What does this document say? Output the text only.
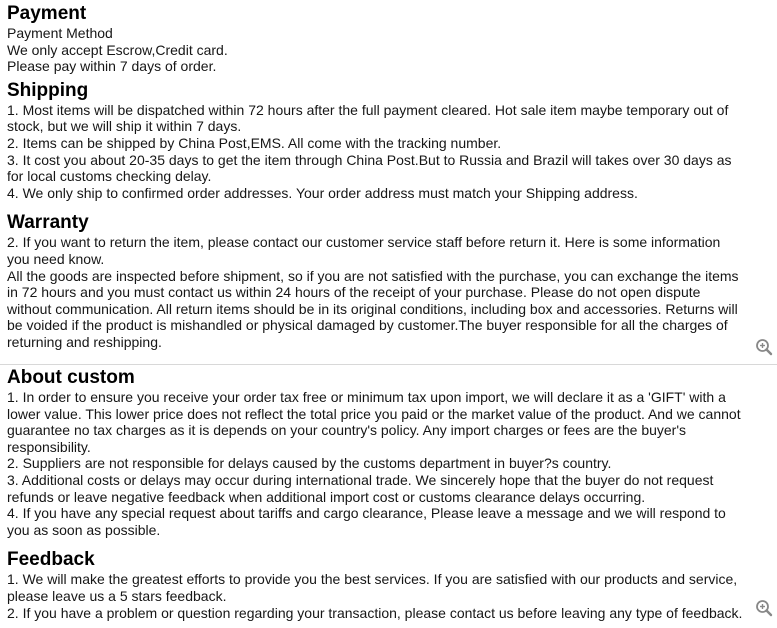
Payment

Payment Method

We only accept Escrow,Credit card.

Please pay within 7 days of order.

Shipping

1. Most items will be dispatched within 72 hours after the full payment cleared. Hot sale item maybe temporary out of

stock, but we will ship it within 7 days.

2. Items can be shipped by China Post,EMS. All come with the tracking number.

3. It cost you about 20-35 days to get the item through China Post.But to Russia and Brazil will takes over 30 days as

for local customs checking delay.

4. We only ship to confirmed order addresses. Your order address must match your Shipping address.

Warranty

2. If you want to return the item, please contact our customer service staff before return it. Here is some information

you need know.

All the goods are inspected before shipment, so if you are not satisfied with the purchase, you can exchange the items

in 72 hours and you must contact us within 24 hours of the receipt of your purchase. Please do not open dispute

without communication. All return items should be in its original conditions, including box and accessories. Returns will

be voided if the product is mishandled or physical damaged by customer.The buyer responsible for all the charges of

returning and reshipping.

About custom

1. In order to ensure you receive your order tax free or minimum tax upon import, we will declare it as a 'GIFT' with a

lower value. This lower price does not reflect the total price you paid or the market value of the product. And we cannot

guarantee no tax charges as it is depends on your country's policy. Any import charges or fees are the buyer's

responsibility.

2. Suppliers are not responsible for delays caused by the customs department in buyer?s country.

3. Additional costs or delays may occur during international trade. We sincerely hope that the buyer do not request

refunds or leave negative feedback when additional import cost or customs clearance delays occurring.

4. If you have any special request about tariffs and cargo clearance, Please leave a message and we will respond to

you as soon as possible.

Feedback

1. We will make the greatest efforts to provide you the best services. If you are satisfied with our products and service,

please leave us a 5 stars feedback.

2. If you have a problem or question regarding your transaction, please contact us before leaving any type of feedback.
